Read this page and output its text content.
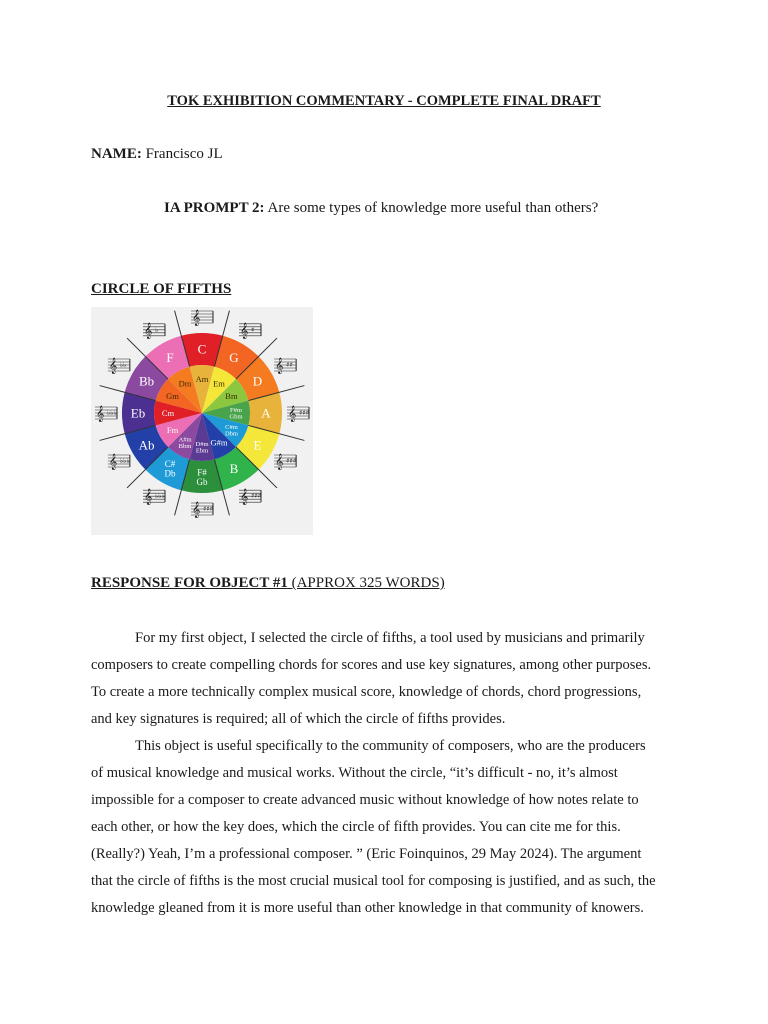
TOK EXHIBITION COMMENTARY - COMPLETE FINAL DRAFT
NAME: Francisco JL
IA PROMPT 2: Are some types of knowledge more useful than others?
CIRCLE OF FIFTHS
C
G
D
A
E
B
F# Gb
C# Db
Ab
Eb
Bb
F
Am Em
Bm
F#m Gbm
C#m Dbm
G#m
D#m Ebm
A#m Bbm
Fm
Cm
Gm
Dm
𝄞
𝄞 ♯
𝄞 ♯♯
𝄞 ♯♯♯
𝄞 ♯♯♯
𝄞 ♯♯♯
𝄞 ♯♯♯
𝄞 ♭♭♭
𝄞 ♭♭♭
𝄞 ♭♭♭
𝄞 ♭♭
𝄞 ♭
RESPONSE FOR OBJECT #1 (APPROX 325 WORDS)
For my first object, I selected the circle of fifths, a tool used by musicians and primarily
composers to create compelling chords for scores and use key signatures, among other purposes.
To create a more technically complex musical score, knowledge of chords, chord progressions,
and key signatures is required; all of which the circle of fifths provides.
This object is useful specifically to the community of composers, who are the producers
of musical knowledge and musical works. Without the circle, “it’s difficult - no, it’s almost
impossible for a composer to create advanced music without knowledge of how notes relate to
each other, or how the key does, which the circle of fifth provides. You can cite me for this.
(Really?) Yeah, I’m a professional composer. ” (Eric Foinquinos, 29 May 2024). The argument
that the circle of fifths is the most crucial musical tool for composing is justified, and as such, the
knowledge gleaned from it is more useful than other knowledge in that community of knowers.
